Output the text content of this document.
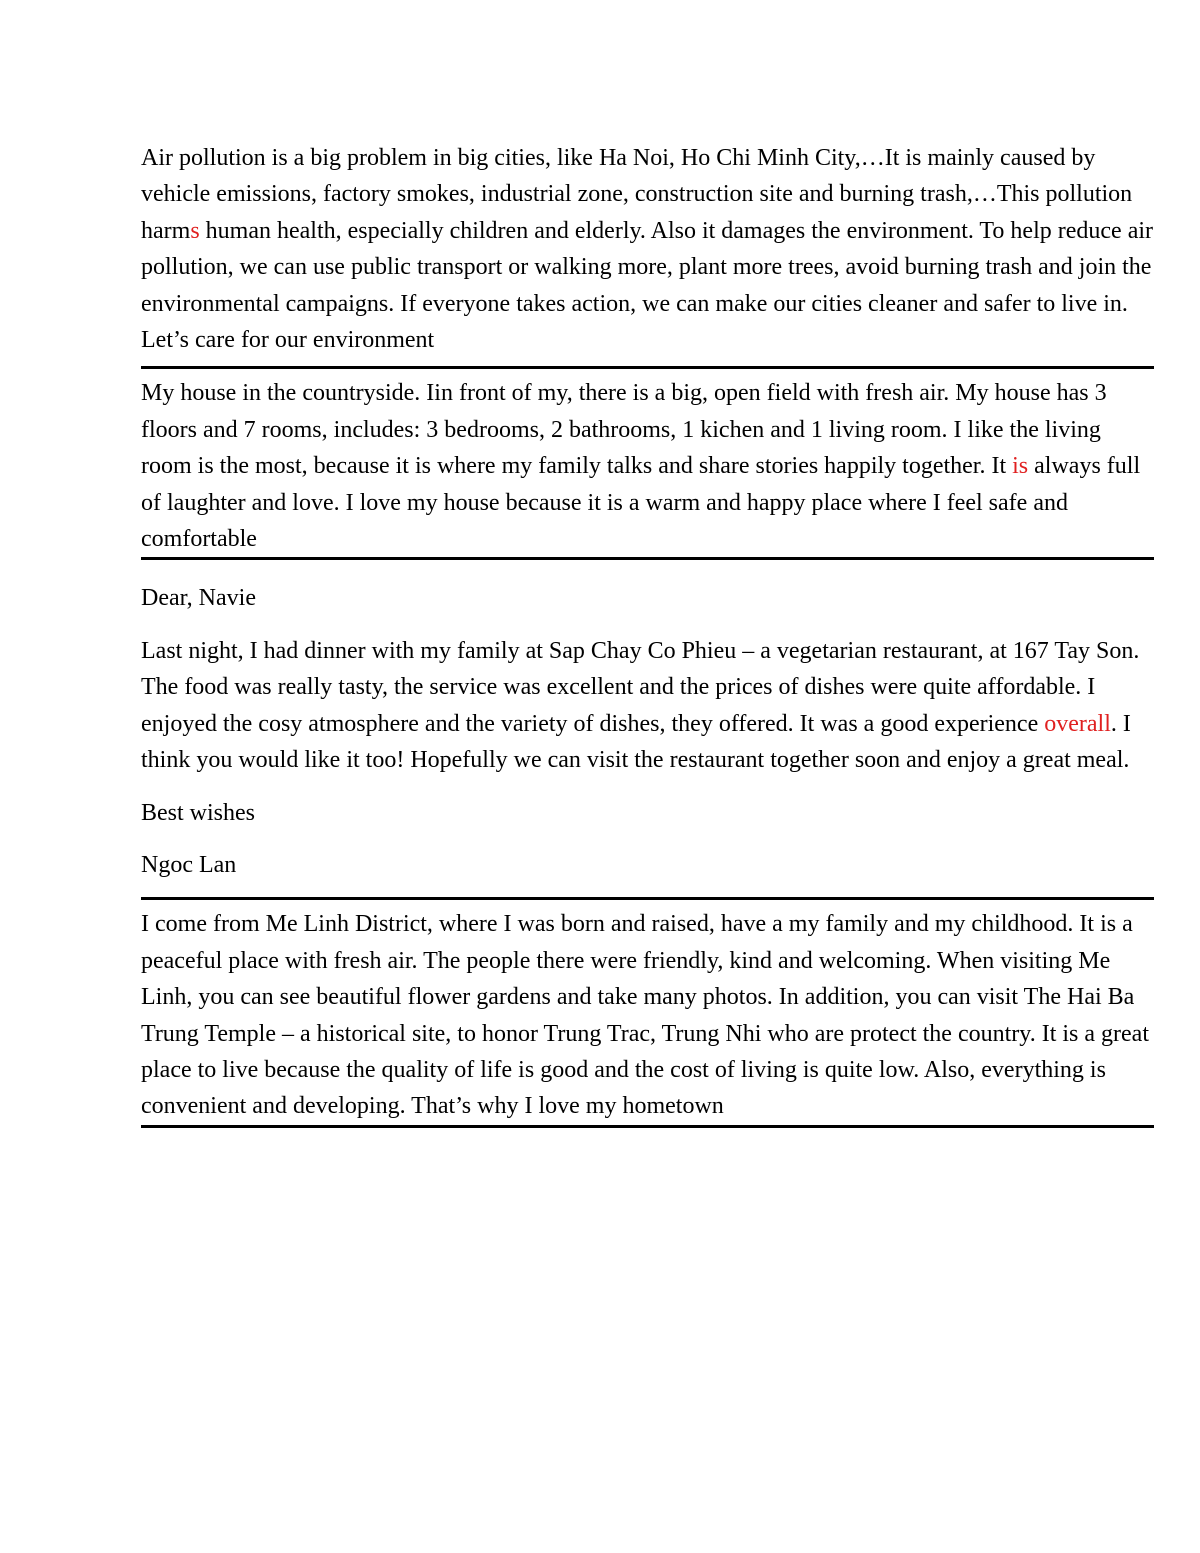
Air pollution is a big problem in big cities, like Ha Noi, Ho Chi Minh City,…It is mainly caused by vehicle emissions, factory smokes, industrial zone, construction site and burning trash,…This pollution harms human health, especially children and elderly. Also it damages the environment. To help reduce air pollution, we can use public transport or walking more, plant more trees, avoid burning trash and join the environmental campaigns. If everyone takes action, we can make our cities cleaner and safer to live in. Let’s care for our environment

My house in the countryside. Iin front of my, there is a big, open field with fresh air. My house has 3 floors and 7 rooms, includes: 3 bedrooms, 2 bathrooms, 1 kichen and 1 living room. I like the living room is the most, because it is where my family talks and share stories happily together. It is always full of laughter and love. I love my house because it is a warm and happy place where I feel safe and comfortable

Dear, Navie

Last night, I had dinner with my family at Sap Chay Co Phieu – a vegetarian restaurant, at 167 Tay Son. The food was really tasty, the service was excellent and the prices of dishes were quite affordable. I enjoyed the cosy atmosphere and the variety of dishes, they offered. It was a good experience overall. I think you would like it too! Hopefully we can visit the restaurant together soon and enjoy a great meal.

Best wishes

Ngoc Lan

I come from Me Linh District, where I was born and raised, have a my family and my childhood. It is a peaceful place with fresh air. The people there were friendly, kind and welcoming. When visiting Me Linh, you can see beautiful flower gardens and take many photos. In addition, you can visit The Hai Ba Trung Temple – a historical site, to honor Trung Trac, Trung Nhi who are protect the country. It is a great place to live because the quality of life is good and the cost of living is quite low. Also, everything is convenient and developing. That’s why I love my hometown
